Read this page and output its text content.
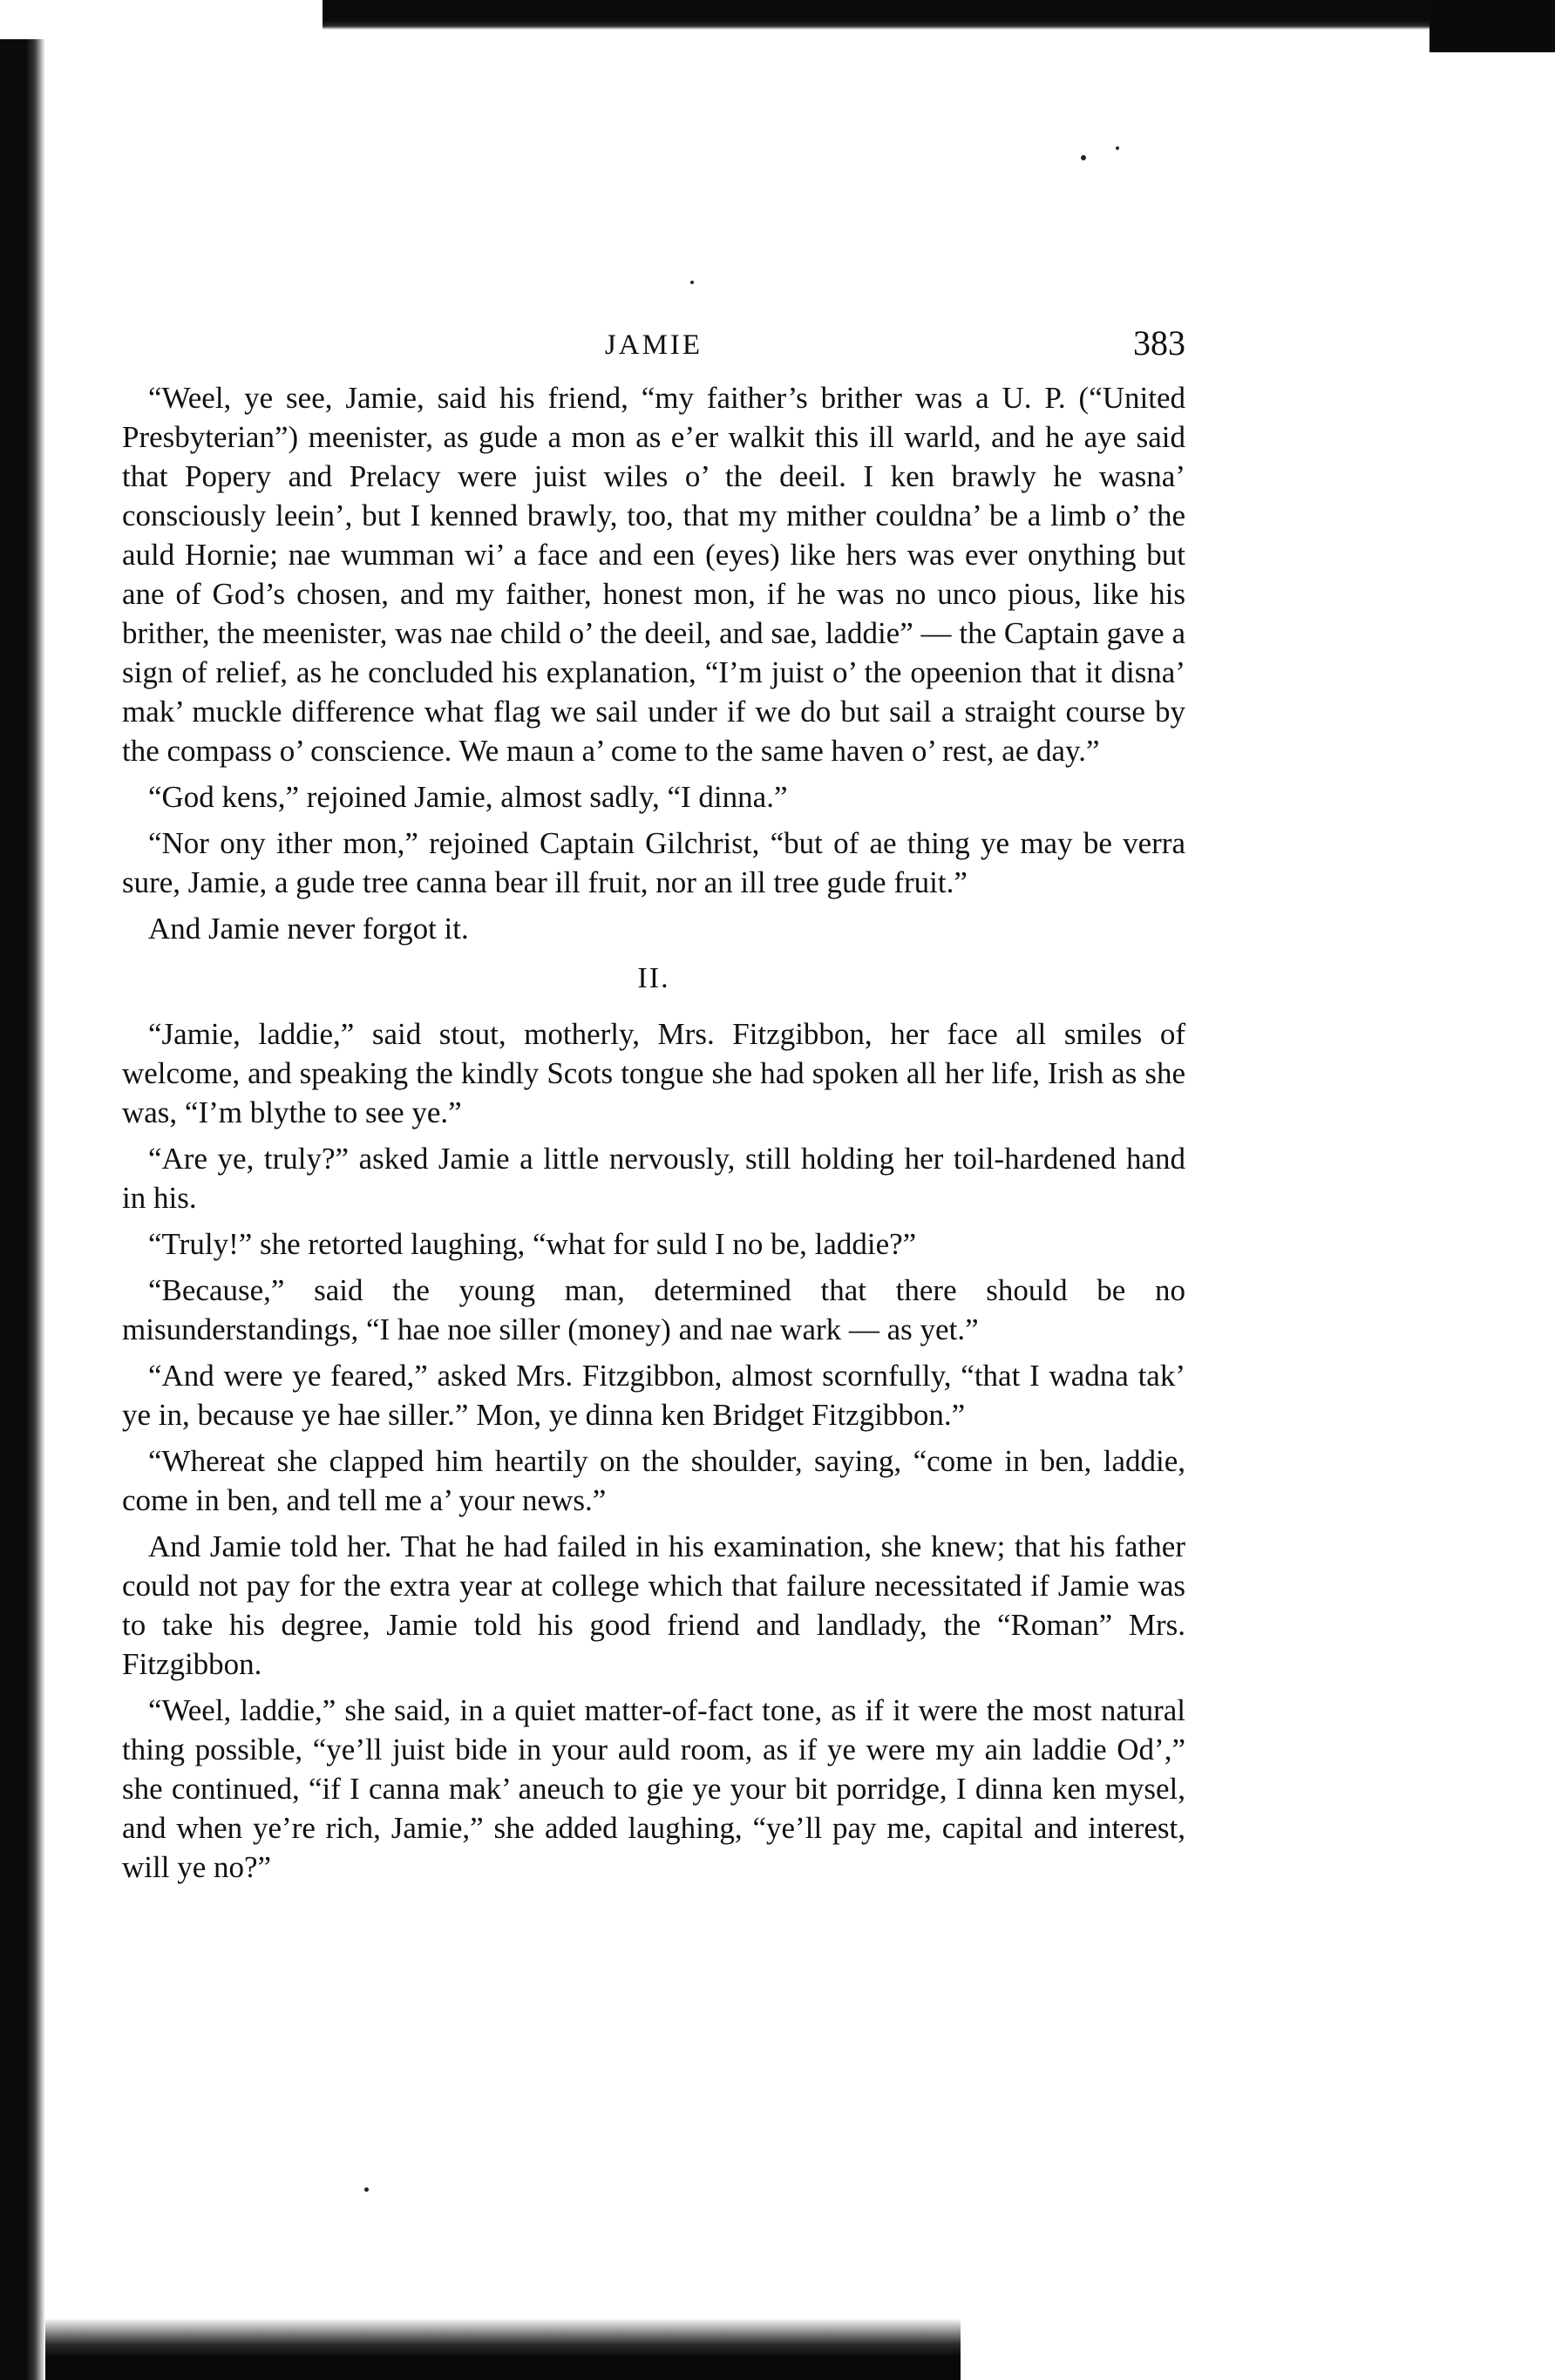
JAMIE	383

“Weel, ye see, Jamie, said his friend, “my faither’s brither was a U. P. (“United Presbyterian”) meenister, as gude a mon as e’er walkit this ill warld, and he aye said that Popery and Prelacy were juist wiles o’ the deeil. I ken brawly he wasna’ consciously leein’, but I kenned brawly, too, that my mither couldna’ be a limb o’ the auld Hornie; nae wumman wi’ a face and een (eyes) like hers was ever onything but ane of God’s chosen, and my faither, honest mon, if he was no unco pious, like his brither, the meenister, was nae child o’ the deeil, and sae, laddie” — the Captain gave a sign of relief, as he concluded his explanation, “I’m juist o’ the opeenion that it disna’ mak’ muckle difference what flag we sail under if we do but sail a straight course by the compass o’ conscience. We maun a’ come to the same haven o’ rest, ae day.”

“God kens,” rejoined Jamie, almost sadly, “I dinna.”

“Nor ony ither mon,” rejoined Captain Gilchrist, “but of ae thing ye may be verra sure, Jamie, a gude tree canna bear ill fruit, nor an ill tree gude fruit.”

And Jamie never forgot it.

II.

“Jamie, laddie,” said stout, motherly, Mrs. Fitzgibbon, her face all smiles of welcome, and speaking the kindly Scots tongue she had spoken all her life, Irish as she was, “I’m blythe to see ye.”

“Are ye, truly?” asked Jamie a little nervously, still holding her toil-hardened hand in his.

“Truly!” she retorted laughing, “what for suld I no be, laddie?”

“Because,” said the young man, determined that there should be no misunderstandings, “I hae noe siller (money) and nae wark — as yet.”

“And were ye feared,” asked Mrs. Fitzgibbon, almost scornfully, “that I wadna tak’ ye in, because ye hae siller.” Mon, ye dinna ken Bridget Fitzgibbon.”

“Whereat she clapped him heartily on the shoulder, saying, “come in ben, laddie, come in ben, and tell me a’ your news.”

And Jamie told her. That he had failed in his examination, she knew; that his father could not pay for the extra year at college which that failure necessitated if Jamie was to take his degree, Jamie told his good friend and landlady, the “Roman” Mrs. Fitzgibbon.

“Weel, laddie,” she said, in a quiet matter-of-fact tone, as if it were the most natural thing possible, “ye’ll juist bide in your auld room, as if ye were my ain laddie Od’,” she continued, “if I canna mak’ aneuch to gie ye your bit porridge, I dinna ken mysel, and when ye’re rich, Jamie,” she added laughing, “ye’ll pay me, capital and interest, will ye no?”
